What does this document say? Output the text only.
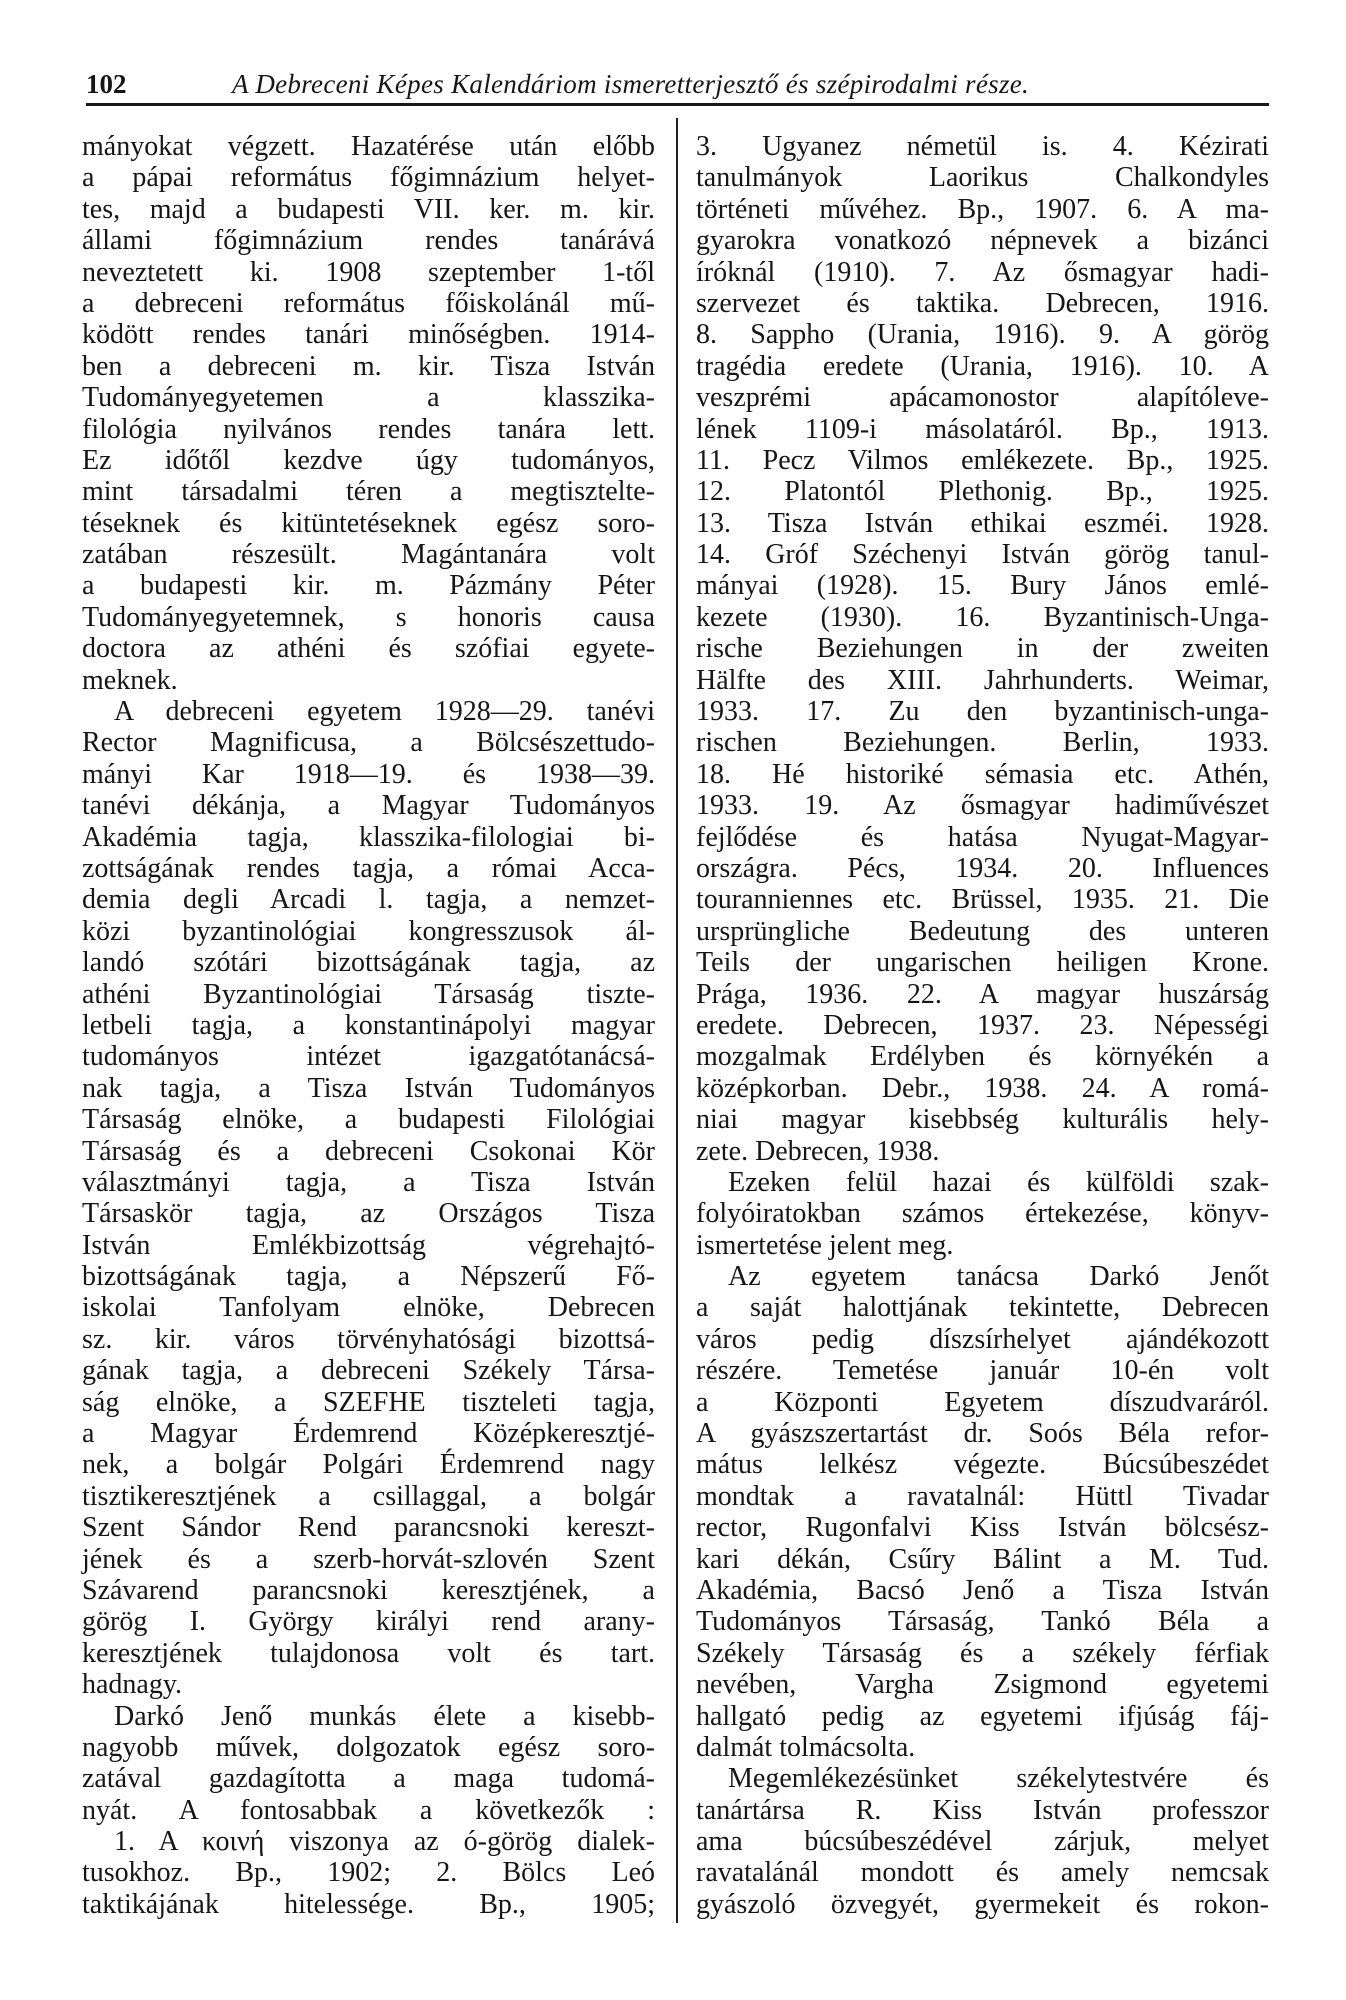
102	A Debreceni Képes Kalendáriom ismeretterjesztő és szépirodalmi része.
mányokat végzett. Hazatérése után előbb
a pápai református főgimnázium helyet-
tes, majd a budapesti VII. ker. m. kir.
állami főgimnázium rendes tanárává
neveztetett ki. 1908 szeptember 1-től
a debreceni református főiskolánál mű-
ködött rendes tanári minőségben. 1914-
ben a debreceni m. kir. Tisza István
Tudományegyetemen a klasszika-
filológia nyilvános rendes tanára lett.
Ez időtől kezdve úgy tudományos,
mint társadalmi téren a megtisztelte-
téseknek és kitüntetéseknek egész soro-
zatában részesült. Magántanára volt
a budapesti kir. m. Pázmány Péter
Tudományegyetemnek, s honoris causa
doctora az athéni és szófiai egyete-
meknek.
A debreceni egyetem 1928—29. tanévi
Rector Magnificusa, a Bölcsészettudo-
mányi Kar 1918—19. és 1938—39.
tanévi dékánja, a Magyar Tudományos
Akadémia tagja, klasszika-filologiai bi-
zottságának rendes tagja, a római Acca-
demia degli Arcadi l. tagja, a nemzet-
közi byzantinológiai kongresszusok ál-
landó szótári bizottságának tagja, az
athéni Byzantinológiai Társaság tiszte-
letbeli tagja, a konstantinápolyi magyar
tudományos intézet igazgatótanácsá-
nak tagja, a Tisza István Tudományos
Társaság elnöke, a budapesti Filológiai
Társaság és a debreceni Csokonai Kör
választmányi tagja, a Tisza István
Társaskör tagja, az Országos Tisza
István Emlékbizottság végrehajtó-
bizottságának tagja, a Népszerű Fő-
iskolai Tanfolyam elnöke, Debrecen
sz. kir. város törvényhatósági bizottsá-
gának tagja, a debreceni Székely Társa-
ság elnöke, a SZEFHE tiszteleti tagja,
a Magyar Érdemrend Középkeresztjé-
nek, a bolgár Polgári Érdemrend nagy
tisztikeresztjének a csillaggal, a bolgár
Szent Sándor Rend parancsnoki kereszt-
jének és a szerb-horvát-szlovén Szent
Szávarend parancsnoki keresztjének, a
görög I. György királyi rend arany-
keresztjének tulajdonosa volt és tart.
hadnagy.
Darkó Jenő munkás élete a kisebb-
nagyobb művek, dolgozatok egész soro-
zatával gazdagította a maga tudomá-
nyát. A fontosabbak a következők :
1. A κοινή viszonya az ó-görög dialek-
tusokhoz. Bp., 1902; 2. Bölcs Leó
taktikájának hitelessége. Bp., 1905;
3. Ugyanez németül is. 4. Kézirati
tanulmányok Laorikus Chalkondyles
történeti művéhez. Bp., 1907. 6. A ma-
gyarokra vonatkozó népnevek a bizánci
íróknál (1910). 7. Az ősmagyar hadi-
szervezet és taktika. Debrecen, 1916.
8. Sappho (Urania, 1916). 9. A görög
tragédia eredete (Urania, 1916). 10. A
veszprémi apácamonostor alapítóleve-
lének 1109-i másolatáról. Bp., 1913.
11. Pecz Vilmos emlékezete. Bp., 1925.
12. Platontól Plethonig. Bp., 1925.
13. Tisza István ethikai eszméi. 1928.
14. Gróf Széchenyi István görög tanul-
mányai (1928). 15. Bury János emlé-
kezete (1930). 16. Byzantinisch-Unga-
rische Beziehungen in der zweiten
Hälfte des XIII. Jahrhunderts. Weimar,
1933. 17. Zu den byzantinisch-unga-
rischen Beziehungen. Berlin, 1933.
18. Hé historiké sémasia etc. Athén,
1933. 19. Az ősmagyar hadiművészet
fejlődése és hatása Nyugat-Magyar-
országra. Pécs, 1934. 20. Influences
touranniennes etc. Brüssel, 1935. 21. Die
ursprüngliche Bedeutung des unteren
Teils der ungarischen heiligen Krone.
Prága, 1936. 22. A magyar huszárság
eredete. Debrecen, 1937. 23. Népességi
mozgalmak Erdélyben és környékén a
középkorban. Debr., 1938. 24. A romá-
niai magyar kisebbség kulturális hely-
zete. Debrecen, 1938.
Ezeken felül hazai és külföldi szak-
folyóiratokban számos értekezése, könyv-
ismertetése jelent meg.
Az egyetem tanácsa Darkó Jenőt
a saját halottjának tekintette, Debrecen
város pedig díszsírhelyet ajándékozott
részére. Temetése január 10-én volt
a Központi Egyetem díszudvaráról.
A gyászszertartást dr. Soós Béla refor-
mátus lelkész végezte. Búcsúbeszédet
mondtak a ravatalnál: Hüttl Tivadar
rector, Rugonfalvi Kiss István bölcsész-
kari dékán, Csűry Bálint a M. Tud.
Akadémia, Bacsó Jenő a Tisza István
Tudományos Társaság, Tankó Béla a
Székely Társaság és a székely férfiak
nevében, Vargha Zsigmond egyetemi
hallgató pedig az egyetemi ifjúság fáj-
dalmát tolmácsolta.
Megemlékezésünket székelytestvére és
tanártársa R. Kiss István professzor
ama búcsúbeszédével zárjuk, melyet
ravatalánál mondott és amely nemcsak
gyászoló özvegyét, gyermekeit és rokon-
